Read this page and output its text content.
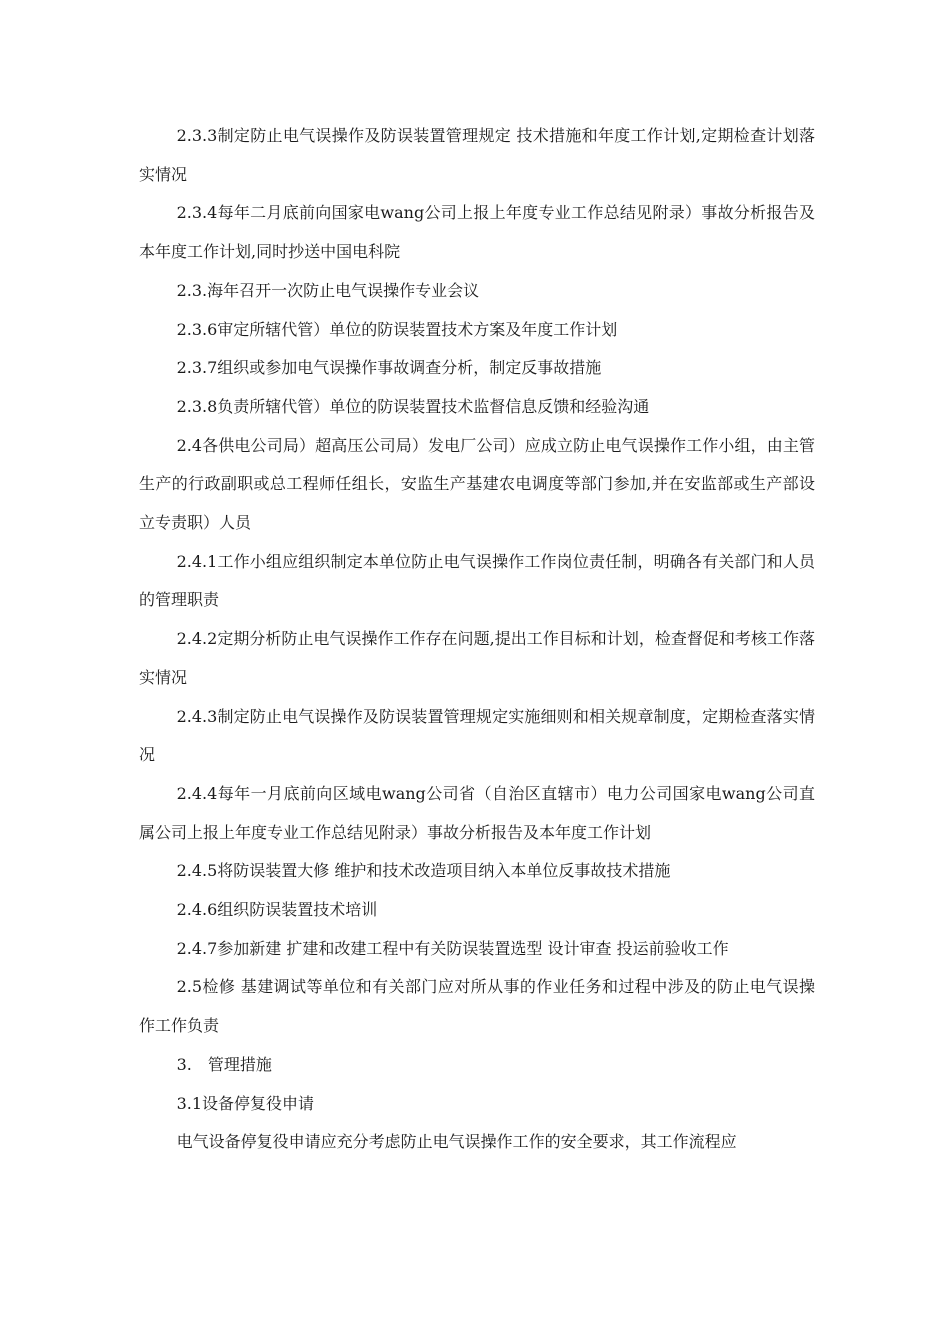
2.3.3制定防止电气误操作及防误装置管理规定 技术措施和年度工作计划,定期检查计划落实情况

2.3.4每年二月底前向国家电wang公司上报上年度专业工作总结见附录）事故分析报告及本年度工作计划,同时抄送中国电科院

2.3.海年召开一次防止电气误操作专业会议

2.3.6审定所辖代管）单位的防误装置技术方案及年度工作计划

2.3.7组织或参加电气误操作事故调查分析，制定反事故措施

2.3.8负责所辖代管）单位的防误装置技术监督信息反馈和经验沟通

2.4各供电公司局）超高压公司局）发电厂公司）应成立防止电气误操作工作小组，由主管生产的行政副职或总工程师任组长，安监生产基建农电调度等部门参加,并在安监部或生产部设立专责职）人员

2.4.1工作小组应组织制定本单位防止电气误操作工作岗位责任制，明确各有关部门和人员的管理职责

2.4.2定期分析防止电气误操作工作存在问题,提出工作目标和计划，检查督促和考核工作落实情况

2.4.3制定防止电气误操作及防误装置管理规定实施细则和相关规章制度，定期检查落实情况

2.4.4每年一月底前向区域电wang公司省（自治区直辖市）电力公司国家电wang公司直属公司上报上年度专业工作总结见附录）事故分析报告及本年度工作计划

2.4.5将防误装置大修 维护和技术改造项目纳入本单位反事故技术措施

2.4.6组织防误装置技术培训

2.4.7参加新建 扩建和改建工程中有关防误装置选型 设计审查 投运前验收工作

2.5检修 基建调试等单位和有关部门应对所从事的作业任务和过程中涉及的防止电气误操作工作负责

3.　管理措施

3.1设备停复役申请

电气设备停复役申请应充分考虑防止电气误操作工作的安全要求，其工作流程应
